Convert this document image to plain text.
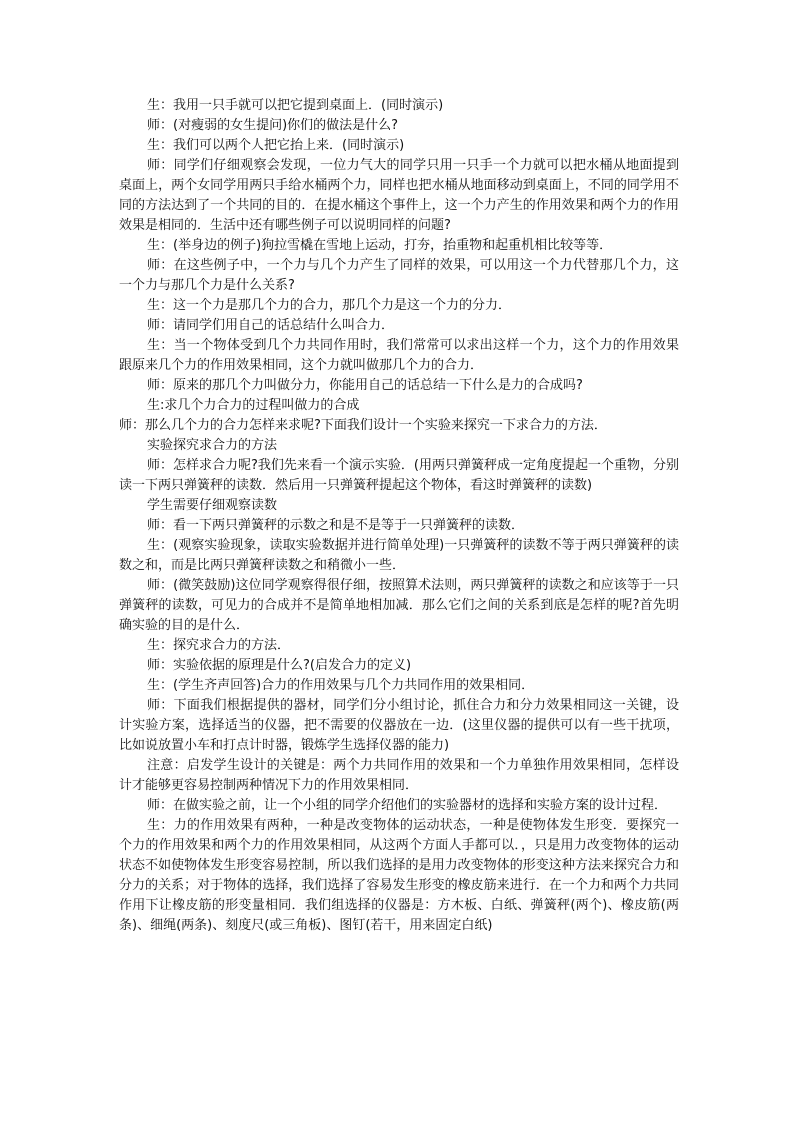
生：我用一只手就可以把它提到桌面上．(同时演示)

师：(对瘦弱的女生提问)你们的做法是什么?

生：我们可以两个人把它抬上来．(同时演示)

师：同学们仔细观察会发现，一位力气大的同学只用一只手一个力就可以把水桶从地面提到桌面上，两个女同学用两只手给水桶两个力，同样也把水桶从地面移动到桌面上，不同的同学用不同的方法达到了一个共同的目的．在提水桶这个事件上，这一个力产生的作用效果和两个力的作用效果是相同的．生活中还有哪些例子可以说明同样的问题?

生：(举身边的例子)狗拉雪橇在雪地上运动，打夯，抬重物和起重机相比较等等．

师：在这些例子中，一个力与几个力产生了同样的效果，可以用这一个力代替那几个力，这一个力与那几个力是什么关系?

生：这一个力是那几个力的合力，那几个力是这一个力的分力．

师：请同学们用自己的话总结什么叫合力．

生：当一个物体受到几个力共同作用时，我们常常可以求出这样一个力，这个力的作用效果跟原来几个力的作用效果相同，这个力就叫做那几个力的合力．

师：原来的那几个力叫做分力，你能用自己的话总结一下什么是力的合成吗?

生:求几个力合力的过程叫做力的合成

师：那么几个力的合力怎样来求呢?下面我们设计一个实验来探究一下求合力的方法．

实验探究求合力的方法

师：怎样求合力呢?我们先来看一个演示实验．(用两只弹簧秤成一定角度提起一个重物，分别读一下两只弹簧秤的读数．然后用一只弹簧秤提起这个物体，看这时弹簧秤的读数)

学生需要仔细观察读数

师：看一下两只弹簧秤的示数之和是不是等于一只弹簧秤的读数．

生：(观察实验现象，读取实验数据并进行简单处理)一只弹簧秤的读数不等于两只弹簧秤的读数之和，而是比两只弹簧秤读数之和稍微小一些．

师：(微笑鼓励)这位同学观察得很仔细，按照算术法则，两只弹簧秤的读数之和应该等于一只弹簧秤的读数，可见力的合成并不是简单地相加减．那么它们之间的关系到底是怎样的呢?首先明确实验的目的是什么．

生：探究求合力的方法．

师：实验依据的原理是什么?(启发合力的定义)

生：(学生齐声回答)合力的作用效果与几个力共同作用的效果相同．

师：下面我们根据提供的器材，同学们分小组讨论，抓住合力和分力效果相同这一关键，设计实验方案，选择适当的仪器，把不需要的仪器放在一边．(这里仪器的提供可以有一些干扰项，比如说放置小车和打点计时器，锻炼学生选择仪器的能力)

注意：启发学生设计的关键是：两个力共同作用的效果和一个力单独作用效果相同，怎样设计才能够更容易控制两种情况下力的作用效果相同．

师：在做实验之前，让一个小组的同学介绍他们的实验器材的选择和实验方案的设计过程．

生：力的作用效果有两种，一种是改变物体的运动状态，一种是使物体发生形变．要探究一个力的作用效果和两个力的作用效果相同，从这两个方面人手都可以．，只是用力改变物体的运动状态不如使物体发生形变容易控制，所以我们选择的是用力改变物体的形变这种方法来探究合力和分力的关系；对于物体的选择，我们选择了容易发生形变的橡皮筋来进行．在一个力和两个力共同作用下让橡皮筋的形变量相同．我们组选择的仪器是：方木板、白纸、弹簧秤(两个)、橡皮筋(两条)、细绳(两条)、刻度尺(或三角板)、图钉(若干，用来固定白纸)
